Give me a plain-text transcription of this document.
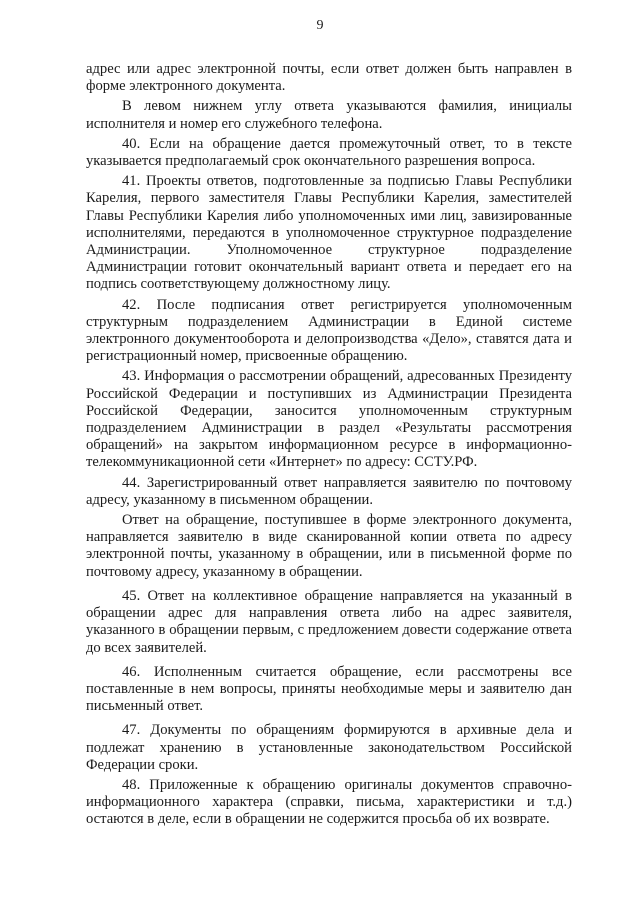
9

адрес или адрес электронной почты, если ответ должен быть направлен в форме электронного документа.

В левом нижнем углу ответа указываются фамилия, инициалы исполнителя и номер его служебного телефона.

40. Если на обращение дается промежуточный ответ, то в тексте указывается предполагаемый срок окончательного разрешения вопроса.

41. Проекты ответов, подготовленные за подписью Главы Республики Карелия, первого заместителя Главы Республики Карелия, заместителей Главы Республики Карелия либо уполномоченных ими лиц, завизированные исполнителями, передаются в уполномоченное структурное подразделение Администрации. Уполномоченное структурное подразделение Администрации готовит окончательный вариант ответа и передает его на подпись соответствующему должностному лицу.

42. После подписания ответ регистрируется уполномоченным структурным подразделением Администрации в Единой системе электронного документооборота и делопроизводства «Дело», ставятся дата и регистрационный номер, присвоенные обращению.

43. Информация о рассмотрении обращений, адресованных Президенту Российской Федерации и поступивших из Администрации Президента Российской Федерации, заносится уполномоченным структурным подразделением Администрации в раздел «Результаты рассмотрения обращений» на закрытом информационном ресурсе в информационно-телекоммуникационной сети «Интернет» по адресу: ССТУ.РФ.

44. Зарегистрированный ответ направляется заявителю по почтовому адресу, указанному в письменном обращении.

Ответ на обращение, поступившее в форме электронного документа, направляется заявителю в виде сканированной копии ответа по адресу электронной почты, указанному в обращении, или в письменной форме по почтовому адресу, указанному в обращении.

45. Ответ на коллективное обращение направляется на указанный в обращении адрес для направления ответа либо на адрес заявителя, указанного в обращении первым, с предложением довести содержание ответа до всех заявителей.

46. Исполненным считается обращение, если рассмотрены все поставленные в нем вопросы, приняты необходимые меры и заявителю дан письменный ответ.

47. Документы по обращениям формируются в архивные дела и подлежат хранению в установленные законодательством Российской Федерации сроки.

48. Приложенные к обращению оригиналы документов справочно-информационного характера (справки, письма, характеристики и т.д.) остаются в деле, если в обращении не содержится просьба об их возврате.
